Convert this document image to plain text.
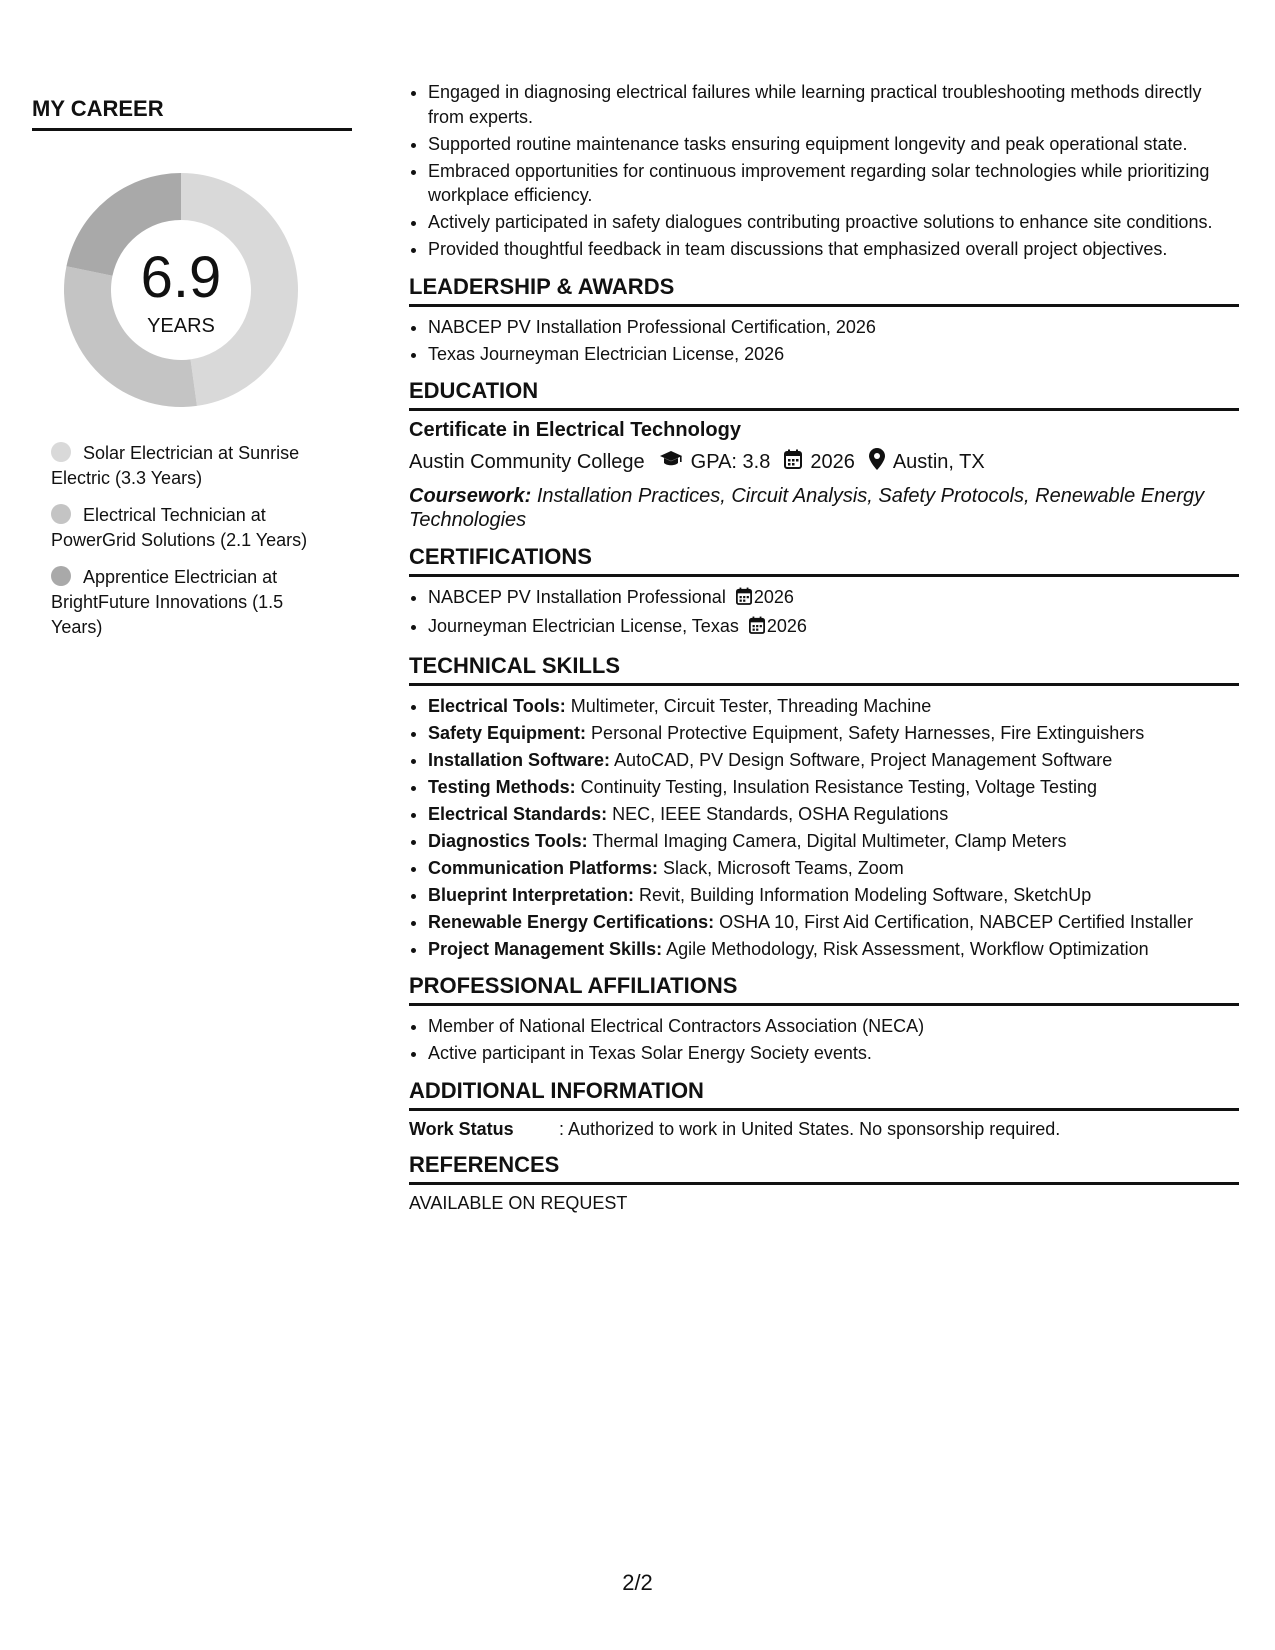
MY CAREER
6.9
YEARS
Solar Electrician at Sunrise Electric (3.3 Years)
Electrical Technician at PowerGrid Solutions (2.1 Years)
Apprentice Electrician at BrightFuture Innovations (1.5 Years)
• Engaged in diagnosing electrical failures while learning practical troubleshooting methods directly from experts.
• Supported routine maintenance tasks ensuring equipment longevity and peak operational state.
• Embraced opportunities for continuous improvement regarding solar technologies while prioritizing workplace efficiency.
• Actively participated in safety dialogues contributing proactive solutions to enhance site conditions.
• Provided thoughtful feedback in team discussions that emphasized overall project objectives.
LEADERSHIP & AWARDS
• NABCEP PV Installation Professional Certification, 2026
• Texas Journeyman Electrician License, 2026
EDUCATION
Certificate in Electrical Technology
Austin Community College GPA: 3.8 2026 Austin, TX
Coursework: Installation Practices, Circuit Analysis, Safety Protocols, Renewable Energy Technologies
CERTIFICATIONS
• NABCEP PV Installation Professional 2026
• Journeyman Electrician License, Texas 2026
TECHNICAL SKILLS
• Electrical Tools: Multimeter, Circuit Tester, Threading Machine
• Safety Equipment: Personal Protective Equipment, Safety Harnesses, Fire Extinguishers
• Installation Software: AutoCAD, PV Design Software, Project Management Software
• Testing Methods: Continuity Testing, Insulation Resistance Testing, Voltage Testing
• Electrical Standards: NEC, IEEE Standards, OSHA Regulations
• Diagnostics Tools: Thermal Imaging Camera, Digital Multimeter, Clamp Meters
• Communication Platforms: Slack, Microsoft Teams, Zoom
• Blueprint Interpretation: Revit, Building Information Modeling Software, SketchUp
• Renewable Energy Certifications: OSHA 10, First Aid Certification, NABCEP Certified Installer
• Project Management Skills: Agile Methodology, Risk Assessment, Workflow Optimization
PROFESSIONAL AFFILIATIONS
• Member of National Electrical Contractors Association (NECA)
• Active participant in Texas Solar Energy Society events.
ADDITIONAL INFORMATION
Work Status	: Authorized to work in United States. No sponsorship required.
REFERENCES
AVAILABLE ON REQUEST
2/2
